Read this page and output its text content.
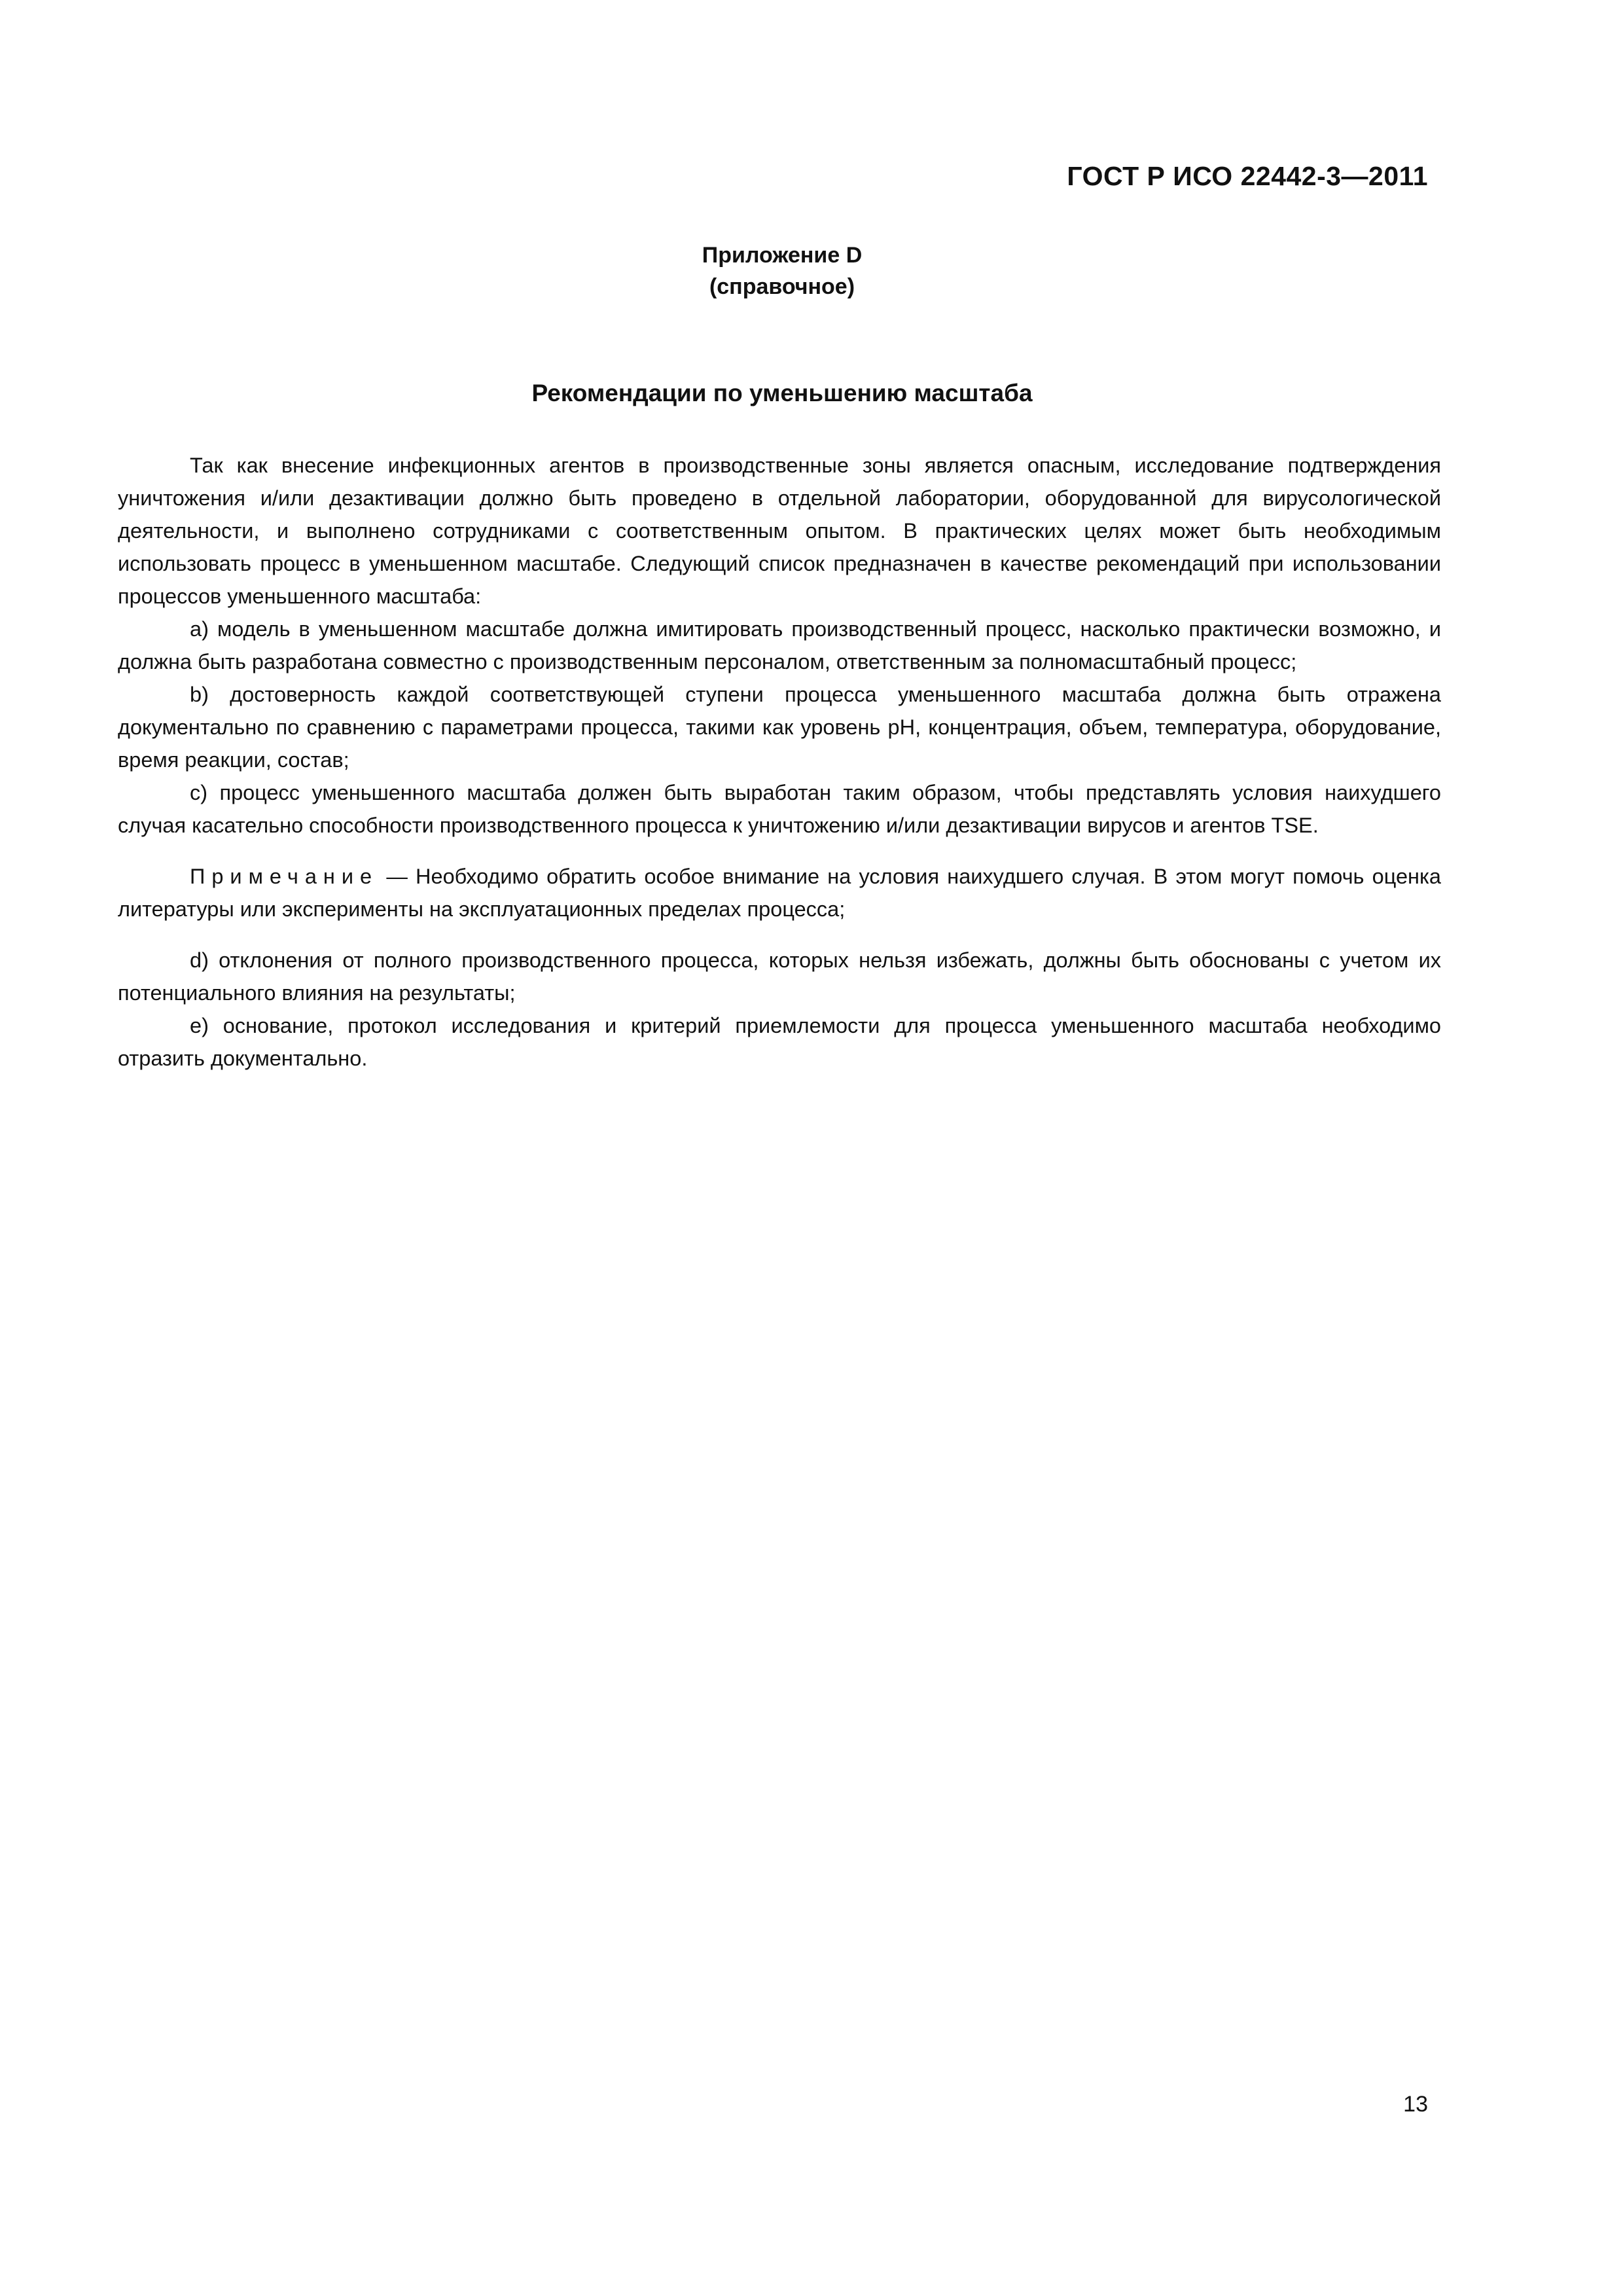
ГОСТ Р ИСО 22442-3—2011
Приложение D
(справочное)
Рекомендации по уменьшению масштаба

Так как внесение инфекционных агентов в производственные зоны является опасным, исследование подтверждения уничтожения и/или дезактивации должно быть проведено в отдельной лаборатории, оборудованной для вирусологической деятельности, и выполнено сотрудниками с соответственным опытом. В практических целях может быть необходимым использовать процесс в уменьшенном масштабе. Следующий список предназначен в качестве рекомендаций при использовании процессов уменьшенного масштаба:

a) модель в уменьшенном масштабе должна имитировать производственный процесс, насколько практически возможно, и должна быть разработана совместно с производственным персоналом, ответственным за полномасштабный процесс;

b) достоверность каждой соответствующей ступени процесса уменьшенного масштаба должна быть отражена документально по сравнению с параметрами процесса, такими как уровень pH, концентрация, объем, температура, оборудование, время реакции, состав;

c) процесс уменьшенного масштаба должен быть выработан таким образом, чтобы представлять условия наихудшего случая касательно способности производственного процесса к уничтожению и/или дезактивации вирусов и агентов TSE.

Примечание — Необходимо обратить особое внимание на условия наихудшего случая. В этом могут помочь оценка литературы или эксперименты на эксплуатационных пределах процесса;

d) отклонения от полного производственного процесса, которых нельзя избежать, должны быть обоснованы с учетом их потенциального влияния на результаты;

e) основание, протокол исследования и критерий приемлемости для процесса уменьшенного масштаба необходимо отразить документально.

13
